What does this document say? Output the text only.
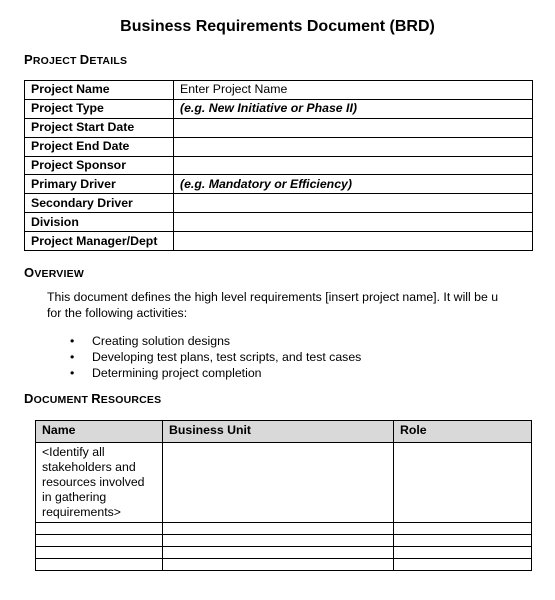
Business Requirements Document (BRD)
PROJECT DETAILS
Project Name	Enter Project Name
Project Type	(e.g. New Initiative or Phase II)
Project Start Date	
Project End Date	
Project Sponsor	
Primary Driver	(e.g. Mandatory or Efficiency)
Secondary Driver	
Division	
Project Manager/Dept	
OVERVIEW
This document defines the high level requirements [insert project name]. It will be u
for the following activities:
• Creating solution designs
• Developing test plans, test scripts, and test cases
• Determining project completion
DOCUMENT RESOURCES
Name	Business Unit	Role
<Identify all stakeholders and resources involved in gathering requirements>		
